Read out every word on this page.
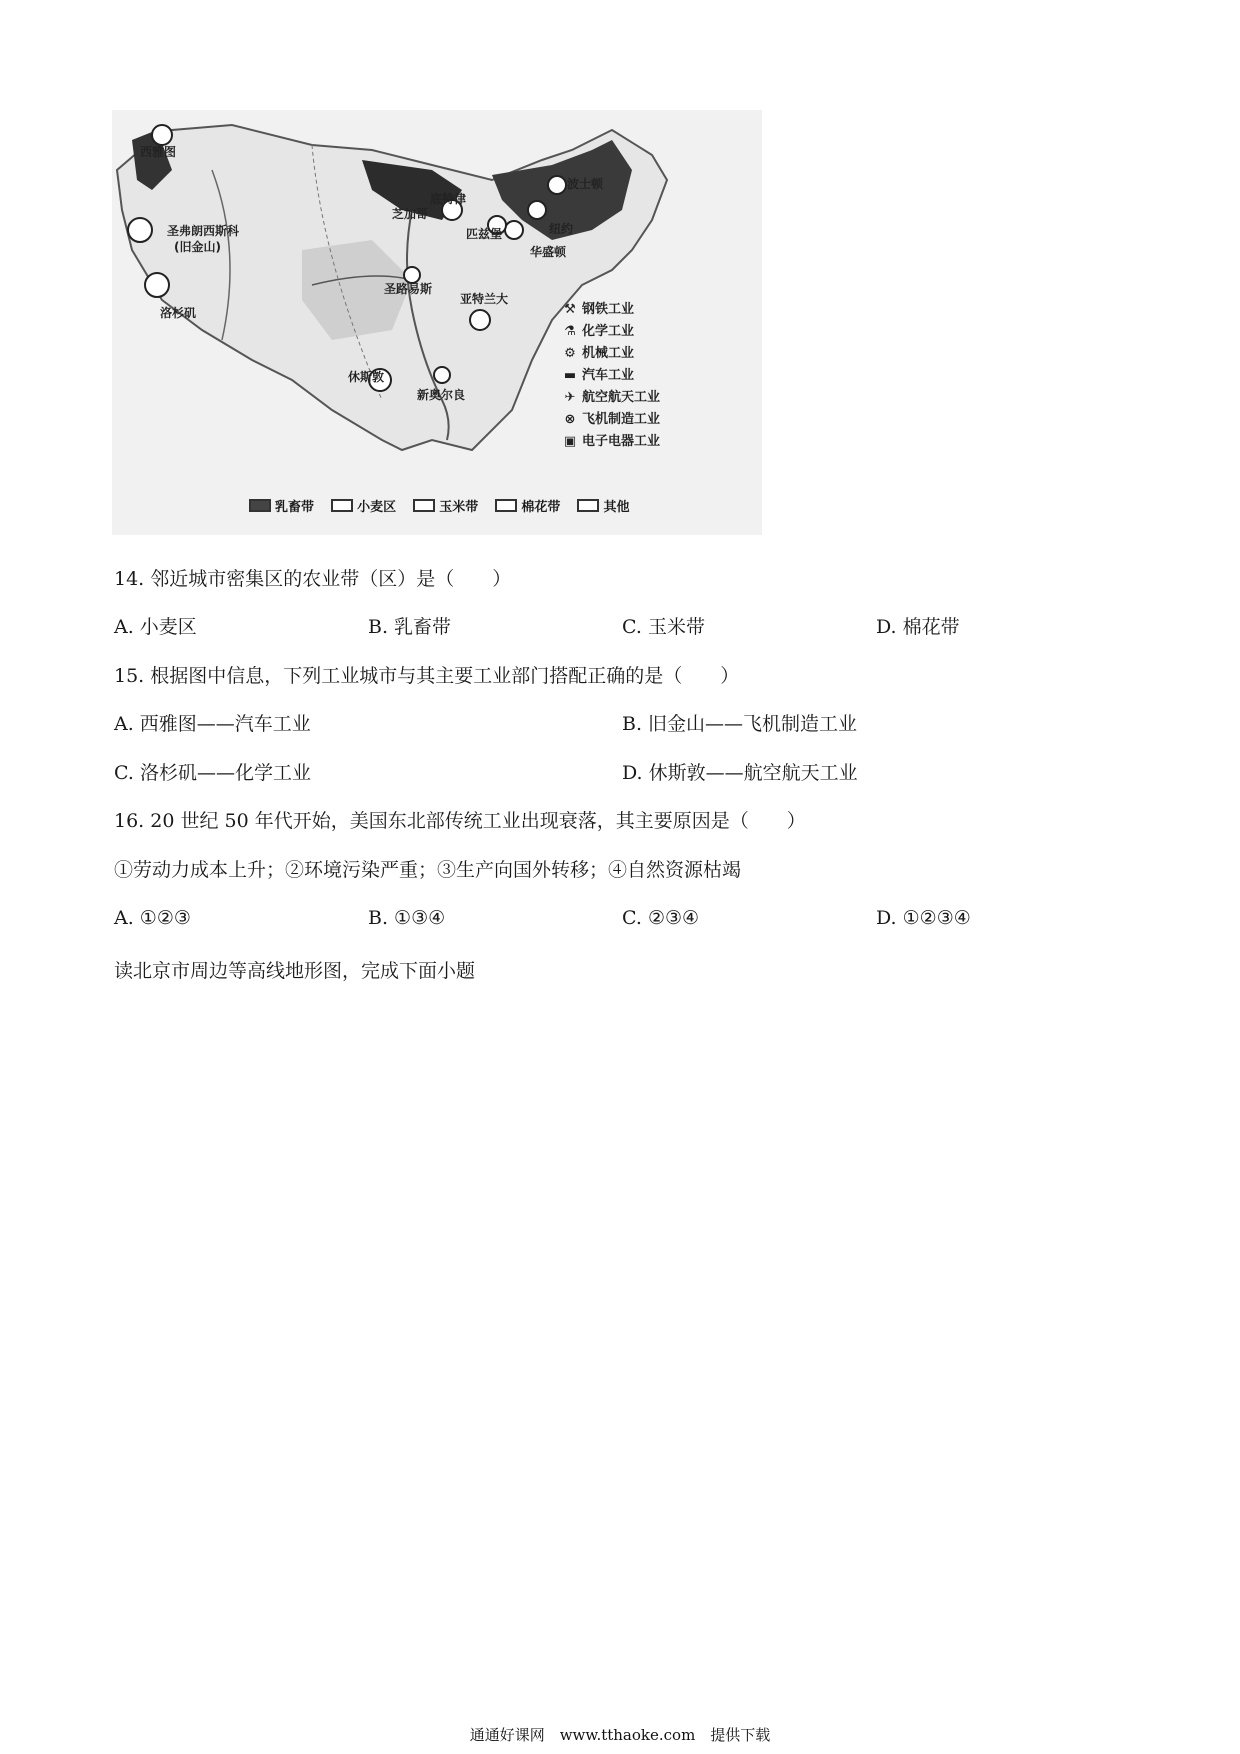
西雅图
圣弗朗西斯科
(旧金山)
洛杉矶
休斯敦
新奥尔良
圣路易斯
亚特兰大
底特律
芝加哥
匹兹堡
波士顿
纽约
华盛顿
⚒ 钢铁工业
⚗ 化学工业
⚙ 机械工业
▬ 汽车工业
✈ 航空航天工业
⊗ 飞机制造工业
▣ 电子电器工业
乳畜带	小麦区	玉米带	棉花带	其他
14. 邻近城市密集区的农业带（区）是（　　）
A. 小麦区	B. 乳畜带	C. 玉米带	D. 棉花带
15. 根据图中信息，下列工业城市与其主要工业部门搭配正确的是（　　）
A. 西雅图——汽车工业	B. 旧金山——飞机制造工业
C. 洛杉矶——化学工业	D. 休斯敦——航空航天工业
16. 20 世纪 50 年代开始，美国东北部传统工业出现衰落，其主要原因是（　　）
①劳动力成本上升；②环境污染严重；③生产向国外转移；④自然资源枯竭
A. ①②③	B. ①③④	C. ②③④	D. ①②③④
读北京市周边等高线地形图，完成下面小题
通通好课网　www.tthaoke.com　提供下载
